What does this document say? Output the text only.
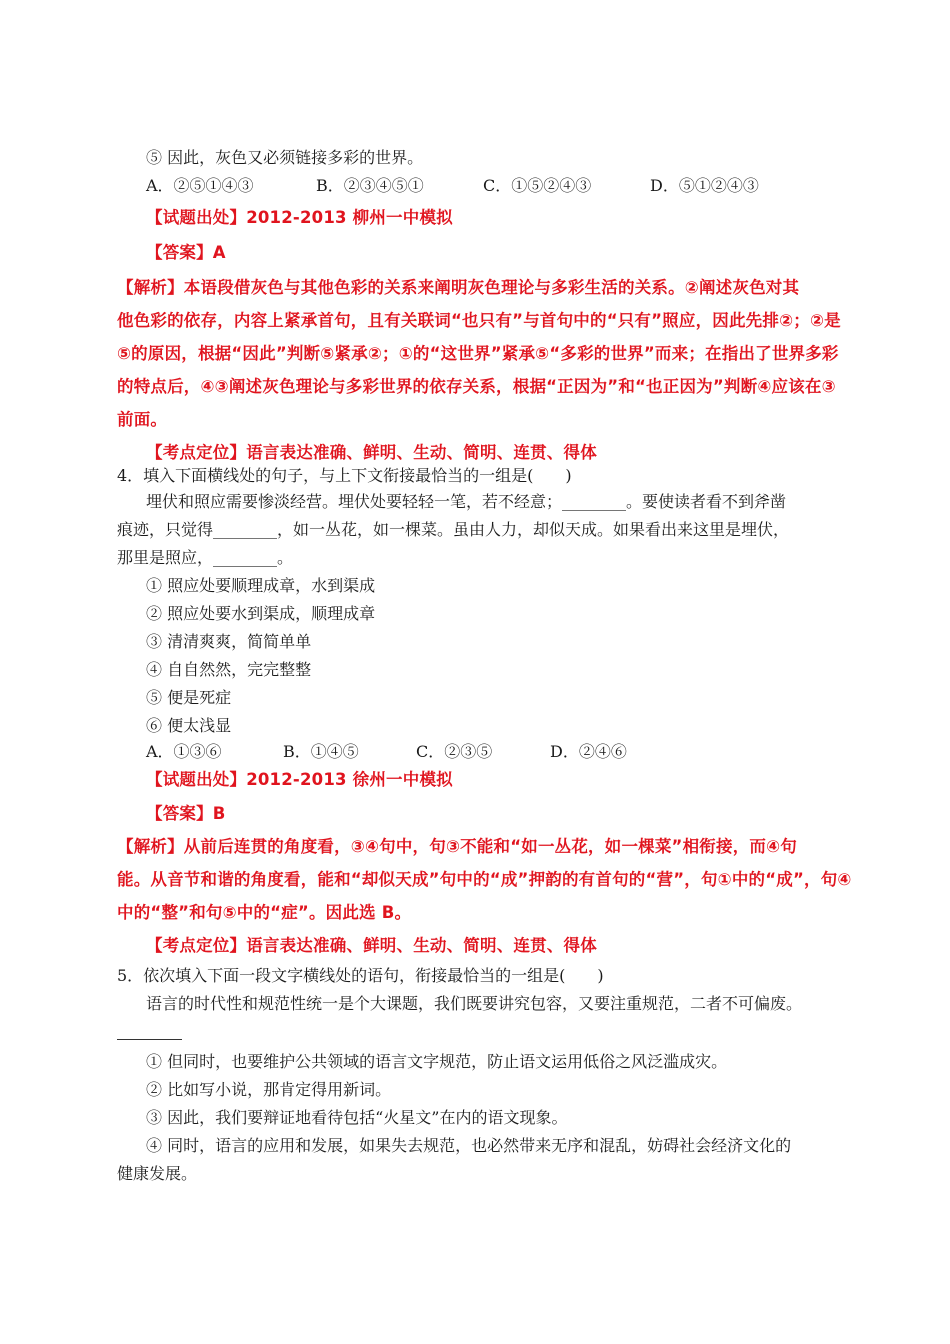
⑤ 因此，灰色又必须链接多彩的世界。
A．②⑤①④③	B．②③④⑤①	C．①⑤②④③	D．⑤①②④③
【试题出处】2012-2013 柳州一中模拟
【答案】A
【解析】本语段借灰色与其他色彩的关系来阐明灰色理论与多彩生活的关系。②阐述灰色对其
他色彩的依存，内容上紧承首句，且有关联词“也只有”与首句中的“只有”照应，因此先排②；②是
⑤的原因，根据“因此”判断⑤紧承②；①的“这世界”紧承⑤“多彩的世界”而来；在指出了世界多彩
的特点后，④③阐述灰色理论与多彩世界的依存关系，根据“正因为”和“也正因为”判断④应该在③
前面。
【考点定位】语言表达准确、鲜明、生动、简明、连贯、得体
4．填入下面横线处的句子，与上下文衔接最恰当的一组是(　　)
埋伏和照应需要惨淡经营。埋伏处要轻轻一笔，若不经意；________。要使读者看不到斧凿
痕迹，只觉得________，如一丛花，如一棵菜。虽由人力，却似天成。如果看出来这里是埋伏，
那里是照应，________。
① 照应处要顺理成章，水到渠成
② 照应处要水到渠成，顺理成章
③ 清清爽爽，简简单单
④ 自自然然，完完整整
⑤ 便是死症
⑥ 便太浅显
A．①③⑥	B．①④⑤	C．②③⑤	D．②④⑥
【试题出处】2012-2013 徐州一中模拟
【答案】B
【解析】从前后连贯的角度看，③④句中，句③不能和“如一丛花，如一棵菜”相衔接，而④句
能。从音节和谐的角度看，能和“却似天成”句中的“成”押韵的有首句的“营”，句①中的“成”，句④
中的“整”和句⑤中的“症”。因此选 B。
【考点定位】语言表达准确、鲜明、生动、简明、连贯、得体
5．依次填入下面一段文字横线处的语句，衔接最恰当的一组是(　　)
语言的时代性和规范性统一是个大课题，我们既要讲究包容，又要注重规范，二者不可偏废。
① 但同时，也要维护公共领域的语言文字规范，防止语文运用低俗之风泛滥成灾。
② 比如写小说，那肯定得用新词。
③ 因此，我们要辩证地看待包括“火星文”在内的语文现象。
④ 同时，语言的应用和发展，如果失去规范，也必然带来无序和混乱，妨碍社会经济文化的
健康发展。
